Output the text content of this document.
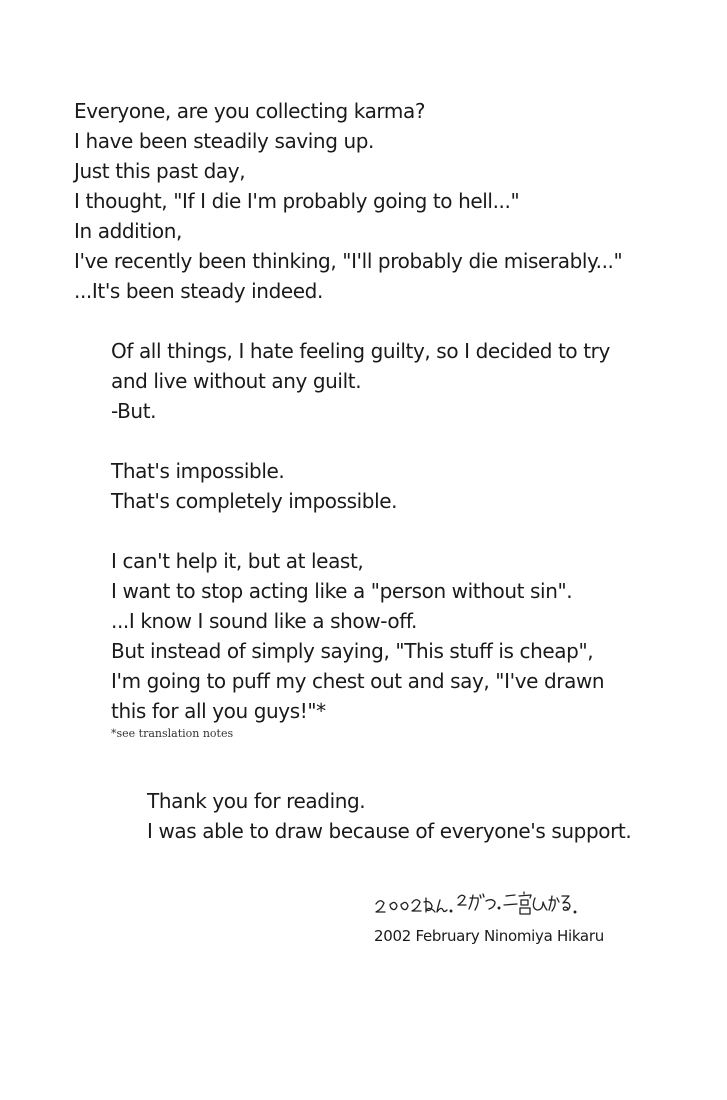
Everyone, are you collecting karma?
I have been steadily saving up.
Just this past day,
I thought, "If I die I'm probably going to hell..."
In addition,
I've recently been thinking, "I'll probably die miserably..."
...It's been steady indeed.
Of all things, I hate feeling guilty, so I decided to try
and live without any guilt.
-But.
That's impossible.
That's completely impossible.
I can't help it, but at least,
I want to stop acting like a "person without sin".
...I know I sound like a show-off.
But instead of simply saying, "This stuff is cheap",
I'm going to puff my chest out and say, "I've drawn
this for all you guys!"*
*see translation notes
Thank you for reading.
I was able to draw because of everyone's support.
2002 February Ninomiya Hikaru
